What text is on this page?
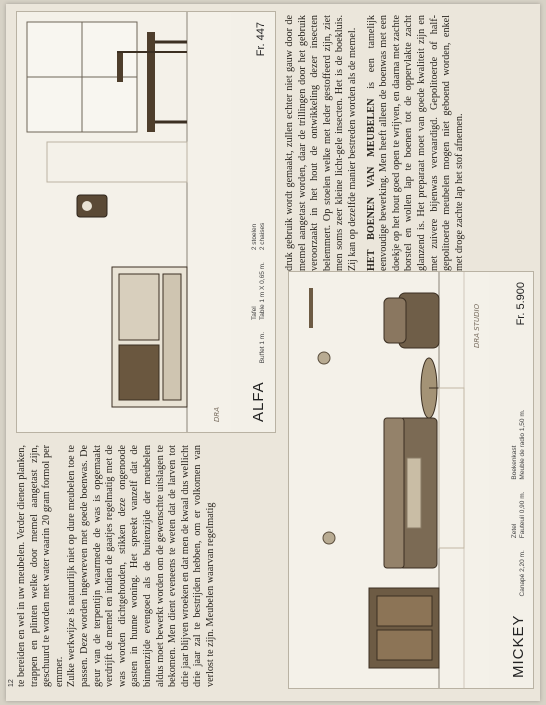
DRA STUDIO
MICKEY
Canapé 2,20 m.
Zetel
Fauteuil 0,90 m.
Boekenkast
Meuble de radio 1,50 m.
Fr. 5.900
DRA ALFA
Buffet 1 m.
Tafel
Table 1 m X 0,65 m.
2 stoelen
2 chaises
Fr. 447 druk gebruik wordt gemaakt, zullen echter niet gauw door de memel aangetast worden, daar de trillingen door het gebruik veroorzaakt in het hout de ontwikkeling dezer insecten belemmert. Op stoelen welke met leder gestoffeerd zijn, ziet men soms zeer kleine licht-gele insecten. Het is de boekluis. Zij kan op dezelfde manier bestreden worden als de memel. HET BOENEN VAN MEUBELEN is een tamelijk eenvoudige bewerking. Men heeft alleen de boenwas met een doekje op het hout goed open te wrijven, en daarna met zachte borstel en wollen lap te boenen tot de oppervlakte zacht glanzend is. Het preparaat moet van goede kwaliteit zijn en met zuivere bijenwas vervaardigd. Gepolitoerde of half-gepolitoerde meubelen mogen niet geboend worden, enkel met droge zachte lap het stof afnemen.

te bereiden en wel in uw meubelen. Verder dienen planken, trappen en plinten welke door memel aangetast zijn, geschuurd te worden met water waarin 20 gram formol per emmer. Zulke werkwijze is natuurlijk niet op dure meubelen toe te passen. Deze worden ingewreven met goede boenwas. De geur van de terpentijn waarmede de was is opgemaakt verdrijft de memel en indien de gaatjes regelmatig met de was worden dichtgehouden, stikken deze ongenoode gasten in hunne woning. Het spreekt vanzelf dat de binnenzijde evengoed als de buitenzijde der meubelen aldus moet bewerkt worden om de gewenschte uitslagen te bekomen. Men dient eveneens te weten dat de larven tot drie jaar blijven wroeken en dat men de kwaal dus wellicht drie jaar zal te bestrijden hebben, om er volkomen van verlost te zijn. Meubelen waarvan regelmatig

12
